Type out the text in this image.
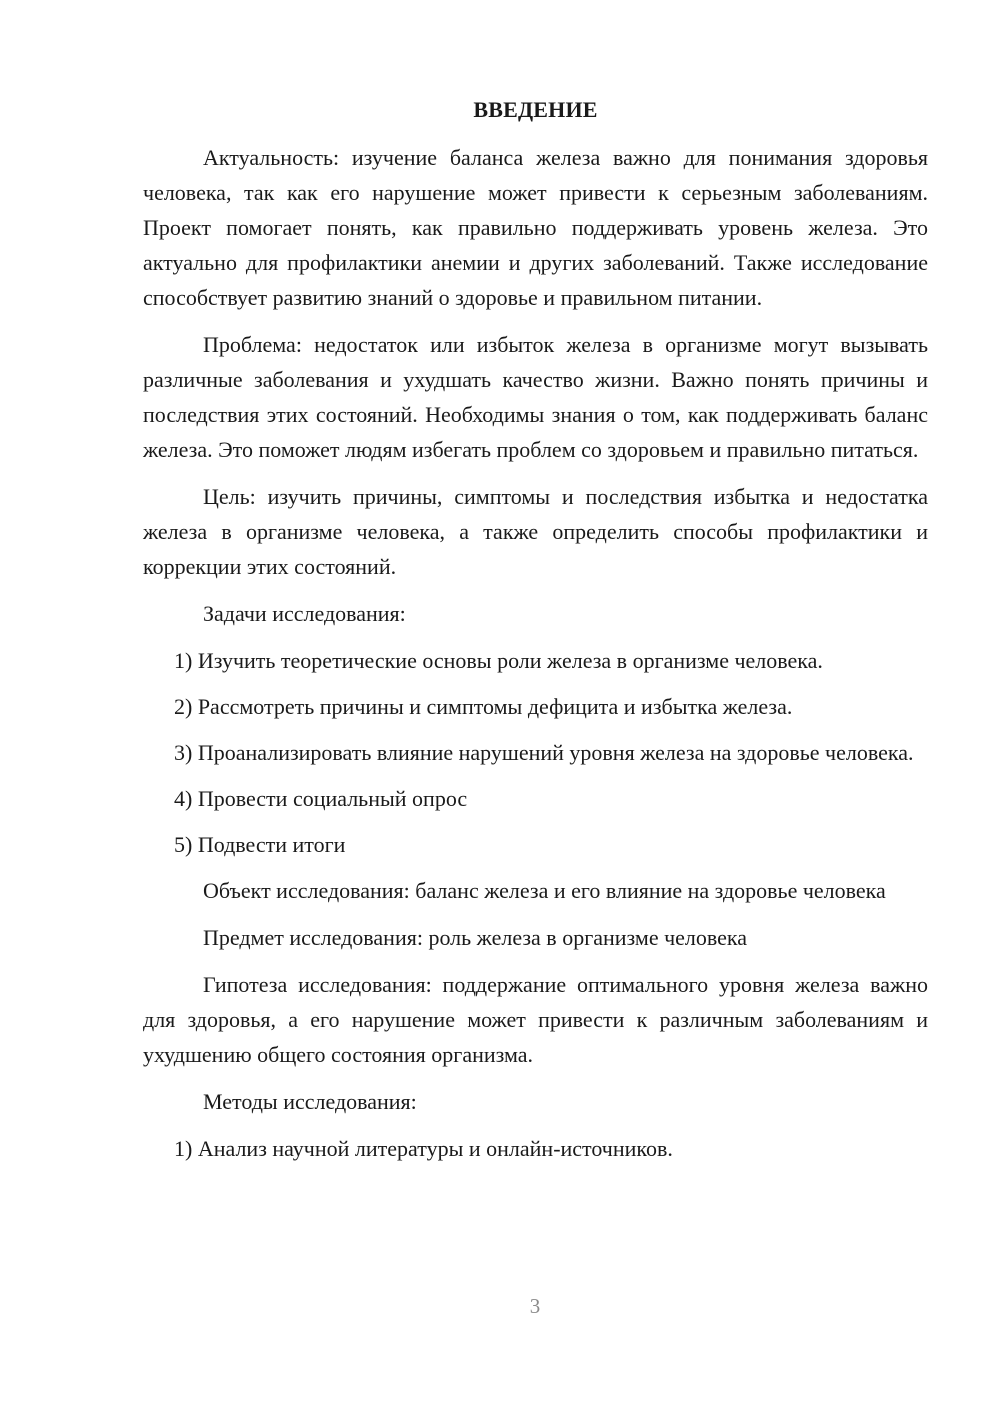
ВВЕДЕНИЕ

Актуальность: изучение баланса железа важно для понимания здоровья человека, так как его нарушение может привести к серьезным заболеваниям. Проект помогает понять, как правильно поддерживать уровень железа. Это актуально для профилактики анемии и других заболеваний. Также исследование способствует развитию знаний о здоровье и правильном питании.

Проблема: недостаток или избыток железа в организме могут вызывать различные заболевания и ухудшать качество жизни. Важно понять причины и последствия этих состояний. Необходимы знания о том, как поддерживать баланс железа. Это поможет людям избегать проблем со здоровьем и правильно питаться.

Цель: изучить причины, симптомы и последствия избытка и недостатка железа в организме человека, а также определить способы профилактики и коррекции этих состояний.

Задачи исследования:

1) Изучить теоретические основы роли железа в организме человека.

2) Рассмотреть причины и симптомы дефицита и избытка железа.

3) Проанализировать влияние нарушений уровня железа на здоровье человека.

4) Провести социальный опрос

5) Подвести итоги

Объект исследования: баланс железа и его влияние на здоровье человека

Предмет исследования: роль железа в организме человека

Гипотеза исследования: поддержание оптимального уровня железа важно для здоровья, а его нарушение может привести к различным заболеваниям и ухудшению общего состояния организма.

Методы исследования:

1) Анализ научной литературы и онлайн-источников.

3
